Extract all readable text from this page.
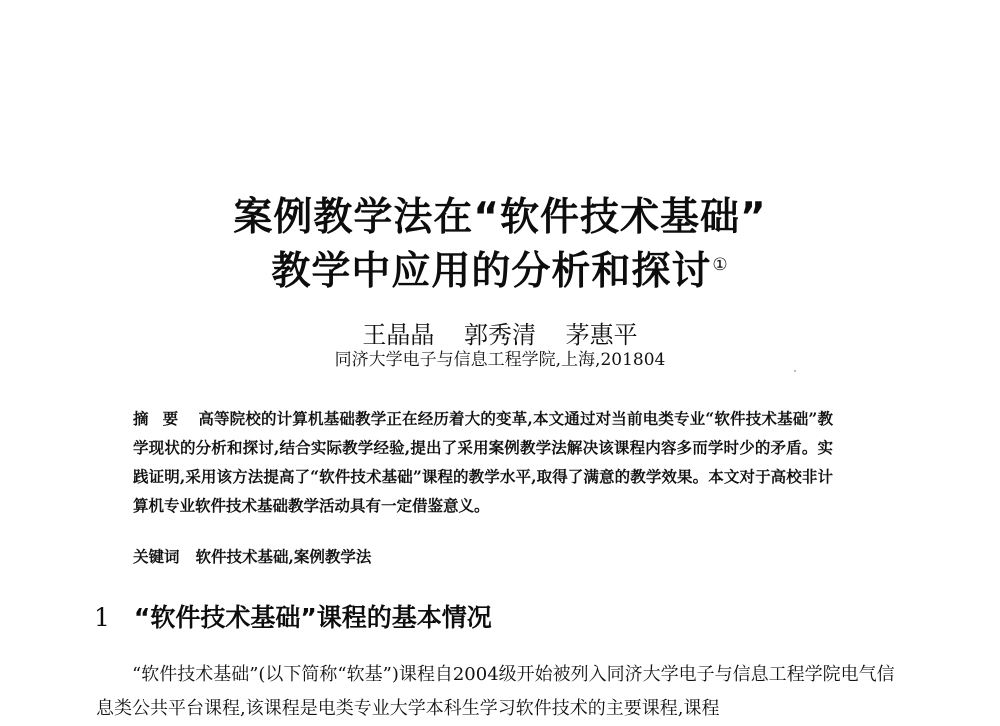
案例教学法在“软件技术基础”
教学中应用的分析和探讨①
王晶晶 郭秀清 茅惠平
同济大学电子与信息工程学院,上海,201804
摘要 高等院校的计算机基础教学正在经历着大的变革,本文通过对当前电类专业“软件技术基础”教学现状的分析和探讨,结合实际教学经验,提出了采用案例教学法解决该课程内容多而学时少的矛盾。实践证明,采用该方法提高了“软件技术基础”课程的教学水平,取得了满意的教学效果。本文对于高校非计算机专业软件技术基础教学活动具有一定借鉴意义。
关键词 软件技术基础,案例教学法
1 “软件技术基础”课程的基本情况
“软件技术基础”(以下简称“软基”)课程自2004级开始被列入同济大学电子与信息工程学院电气信息类公共平台课程,该课程是电类专业大学本科生学习软件技术的主要课程,课程
